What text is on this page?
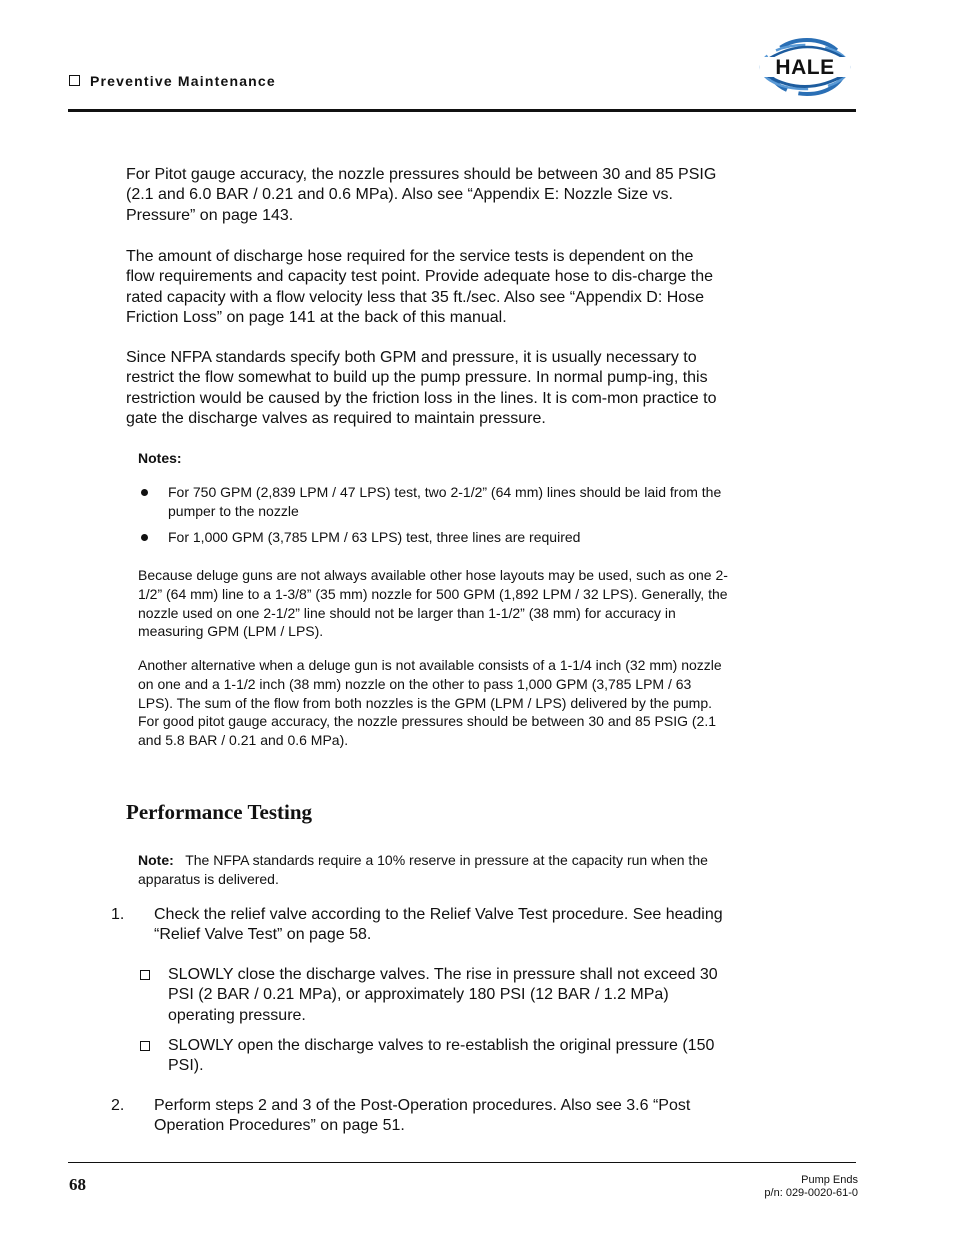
Preventive Maintenance
HALE

For Pitot gauge accuracy, the nozzle pressures should be between 30 and 85 PSIG (2.1 and 6.0 BAR / 0.21 and 0.6 MPa). Also see “Appendix E: Nozzle Size vs. Pressure” on page 143.

The amount of discharge hose required for the service tests is dependent on the flow requirements and capacity test point. Provide adequate hose to dis-charge the rated capacity with a flow velocity less that 35 ft./sec. Also see “Appendix D: Hose Friction Loss” on page 141 at the back of this manual.

Since NFPA standards specify both GPM and pressure, it is usually necessary to restrict the flow somewhat to build up the pump pressure. In normal pump-ing, this restriction would be caused by the friction loss in the lines. It is com-mon practice to gate the discharge valves as required to maintain pressure.

Notes:
For 750 GPM (2,839 LPM / 47 LPS) test, two 2-1/2” (64 mm) lines should be laid from the pumper to the nozzle
For 1,000 GPM (3,785 LPM / 63 LPS) test, three lines are required

Because deluge guns are not always available other hose layouts may be used, such as one 2-1/2” (64 mm) line to a 1-3/8” (35 mm) nozzle for 500 GPM (1,892 LPM / 32 LPS). Generally, the nozzle used on one 2-1/2” line should not be larger than 1-1/2” (38 mm) for accuracy in measuring GPM (LPM / LPS).

Another alternative when a deluge gun is not available consists of a 1-1/4 inch (32 mm) nozzle on one and a 1-1/2 inch (38 mm) nozzle on the other to pass 1,000 GPM (3,785 LPM / 63 LPS). The sum of the flow from both nozzles is the GPM (LPM / LPS) delivered by the pump. For good pitot gauge accuracy, the nozzle pressures should be between 30 and 85 PSIG (2.1 and 5.8 BAR / 0.21 and 0.6 MPa).

Performance Testing
Note: The NFPA standards require a 10% reserve in pressure at the capacity run when the apparatus is delivered.
1. Check the relief valve according to the Relief Valve Test procedure. See heading “Relief Valve Test” on page 58.
SLOWLY close the discharge valves. The rise in pressure shall not exceed 30 PSI (2 BAR / 0.21 MPa), or approximately 180 PSI (12 BAR / 1.2 MPa) operating pressure.
SLOWLY open the discharge valves to re-establish the original pressure (150 PSI).
2. Perform steps 2 and 3 of the Post-Operation procedures. Also see 3.6 “Post Operation Procedures” on page 51.
68	Pump Ends
p/n: 029-0020-61-0
